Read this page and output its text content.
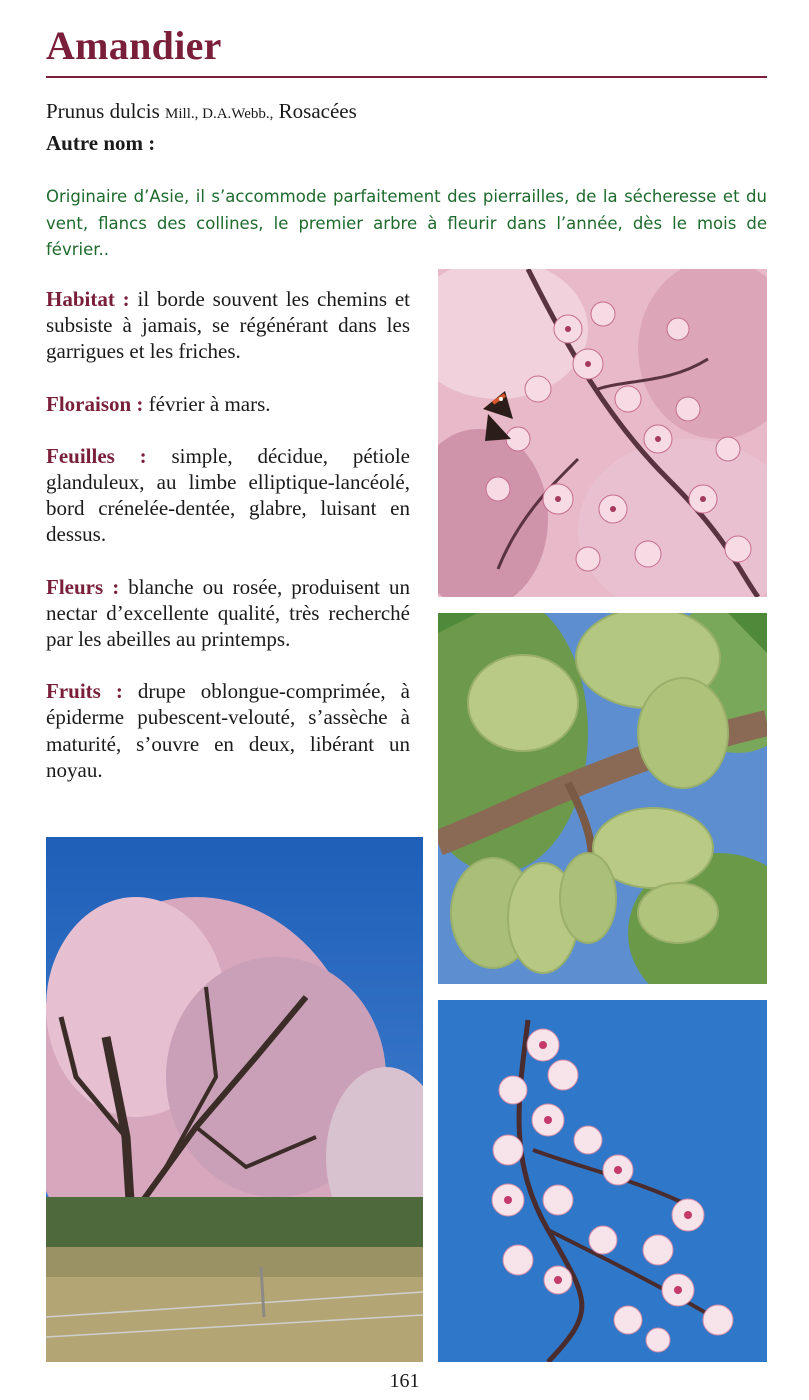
Amandier
Prunus dulcis Mill., D.A.Webb., Rosacées
Autre nom :
Originaire d’Asie, il s’accommode parfaitement des pierrailles, de la sécheresse et du vent, flancs des collines, le premier arbre à fleurir dans l’année, dès le mois de février..

Habitat : il borde souvent les chemins et subsiste à jamais, se régénérant dans les garrigues et les friches.

Floraison : février à mars.

Feuilles : simple, décidue, pétiole glanduleux, au limbe elliptique-lancéolé, bord crénelée-dentée, glabre, luisant en dessus.

Fleurs : blanche ou rosée, produisent un nectar d’excellente qualité, très recherché par les abeilles au printemps.

Fruits : drupe oblongue-comprimée, à épiderme pubescent-velouté, s’assèche à maturité, s’ouvre en deux, libérant un noyau.

161
